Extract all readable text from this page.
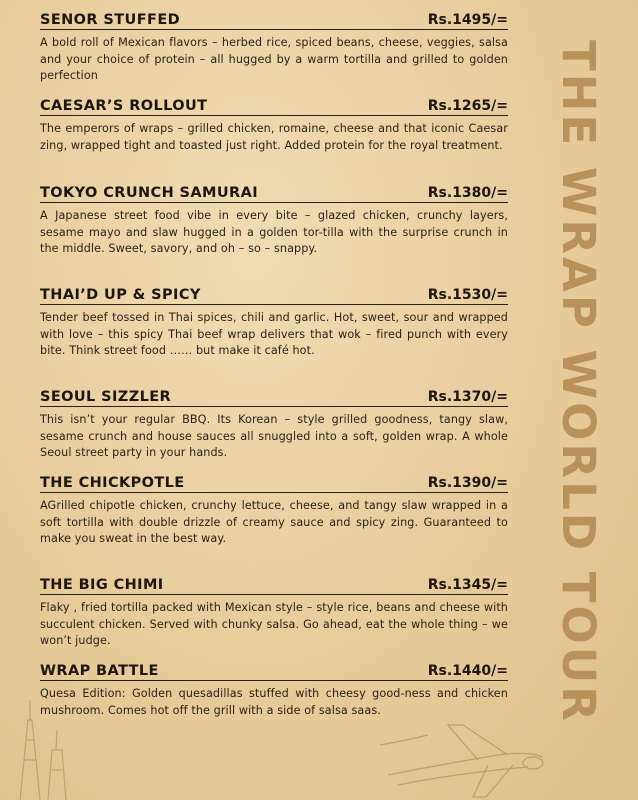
SENOR STUFFED	Rs.1495/=
A bold roll of Mexican flavors – herbed rice, spiced beans, cheese, veggies, salsa and your choice of protein – all hugged by a warm tortilla and grilled to golden perfection
CAESAR’S ROLLOUT	Rs.1265/=
The emperors of wraps – grilled chicken, romaine, cheese and that iconic Caesar zing, wrapped tight and toasted just right. Added protein for the royal treatment.
TOKYO CRUNCH SAMURAI	Rs.1380/=
A Japanese street food vibe in every bite – glazed chicken, crunchy layers, sesame mayo and slaw hugged in a golden tor-tilla with the surprise crunch in the middle. Sweet, savory, and oh – so – snappy.
THAI’D UP & SPICY	Rs.1530/=
Tender beef tossed in Thai spices, chili and garlic. Hot, sweet, sour and wrapped with love – this spicy Thai beef wrap delivers that wok – fired punch with every bite. Think street food …… but make it café hot.
SEOUL SIZZLER	Rs.1370/=
This isn’t your regular BBQ. Its Korean – style grilled goodness, tangy slaw, sesame crunch and house sauces all snuggled into a soft, golden wrap. A whole Seoul street party in your hands.
THE CHICKPOTLE	Rs.1390/=
AGrilled chipotle chicken, crunchy lettuce, cheese, and tangy slaw wrapped in a soft tortilla with double drizzle of creamy sauce and spicy zing. Guaranteed to make you sweat in the best way.
THE BIG CHIMI	Rs.1345/=
Flaky , fried tortilla packed with Mexican style – style rice, beans and cheese with succulent chicken. Served with chunky salsa. Go ahead, eat the whole thing – we won’t judge.
WRAP BATTLE	Rs.1440/=
Quesa Edition: Golden quesadillas stuffed with cheesy good-ness and chicken mushroom. Comes hot off the grill with a side of salsa saas.	THE WRAP WORLD TOUR
